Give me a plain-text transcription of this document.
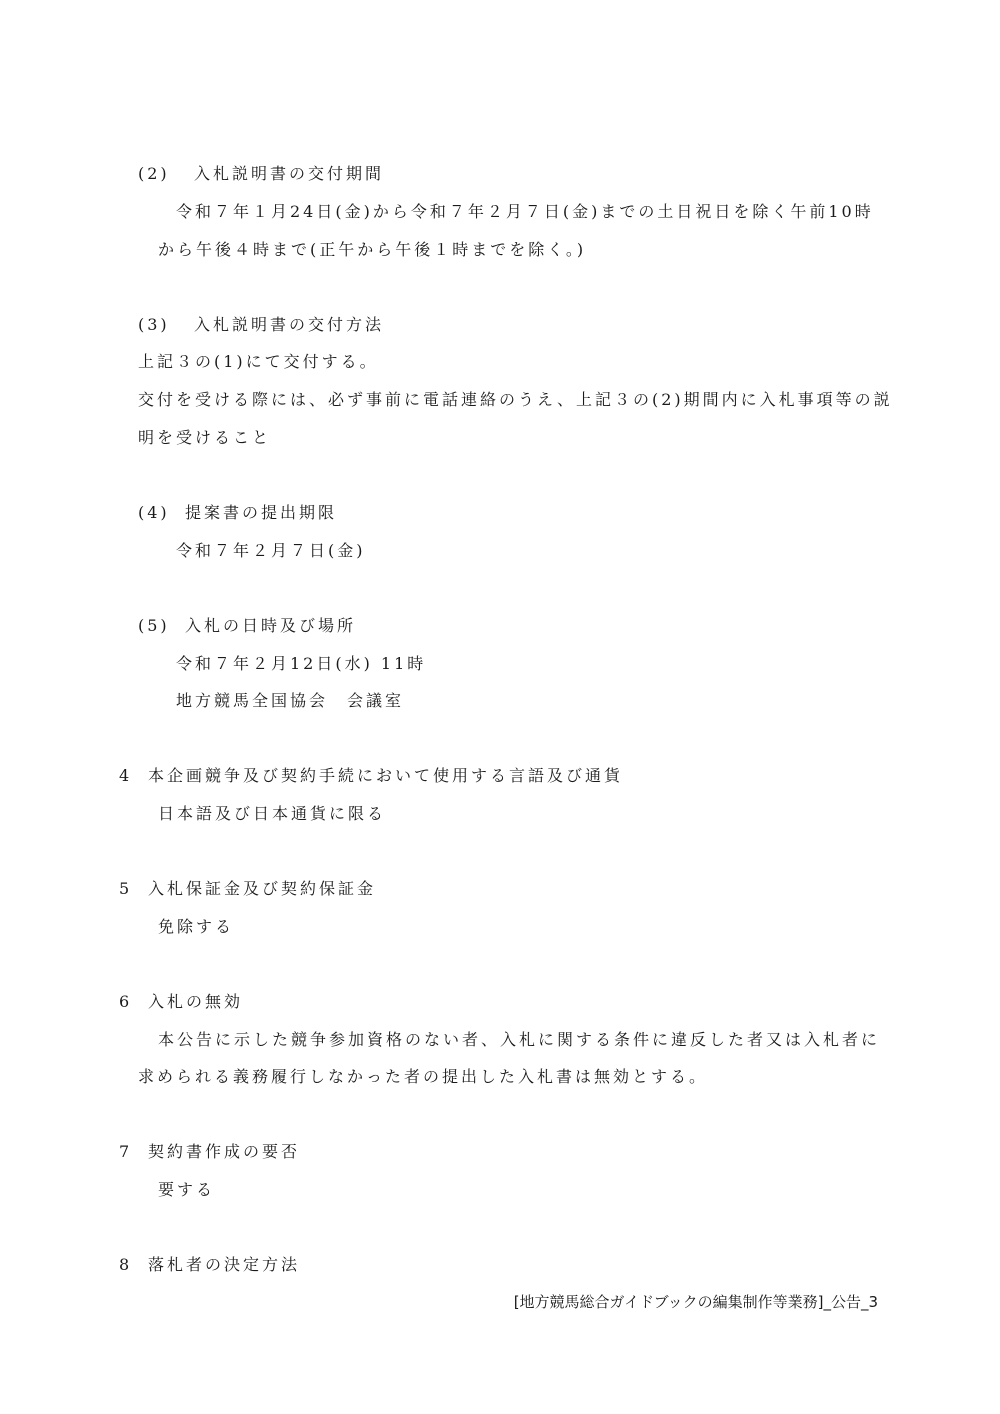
(2) 入札説明書の交付期間
令和７年１月24日(金)から令和７年２月７日(金)までの土日祝日を除く午前10時
から午後４時まで(正午から午後１時までを除く。)
(3) 入札説明書の交付方法
上記３の(1)にて交付する。
交付を受ける際には、必ず事前に電話連絡のうえ、上記３の(2)期間内に入札事項等の説
明を受けること
(4) 提案書の提出期限
令和７年２月７日(金)
(5) 入札の日時及び場所
令和７年２月12日(水) 11時
地方競馬全国協会　会議室
4 本企画競争及び契約手続において使用する言語及び通貨
日本語及び日本通貨に限る
5 入札保証金及び契約保証金
免除する
6 入札の無効
本公告に示した競争参加資格のない者、入札に関する条件に違反した者又は入札者に
求められる義務履行しなかった者の提出した入札書は無効とする。
7 契約書作成の要否
要する
8 落札者の決定方法
[地方競馬総合ガイドブックの編集制作等業務]_公告_3
